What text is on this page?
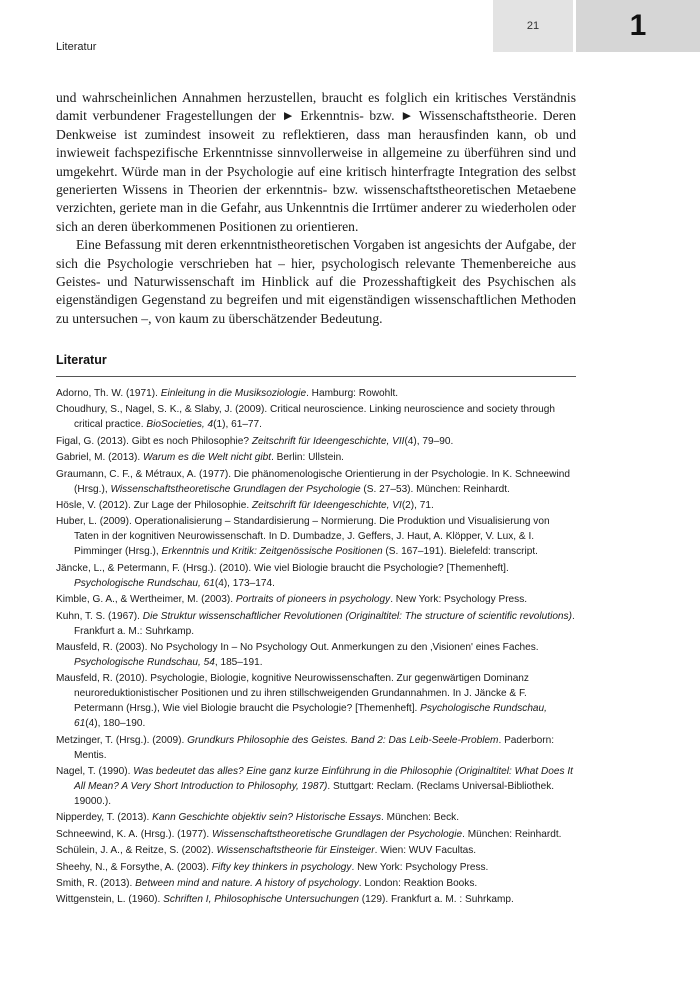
Literatur
21	1

und wahrscheinlichen Annahmen herzustellen, braucht es folglich ein kritisches Verständnis damit verbundener Fragestellungen der ► Erkenntnis- bzw. ► Wissenschaftstheorie. Deren Denkweise ist zumindest insoweit zu reflektieren, dass man herausfinden kann, ob und inwieweit fachspezifische Erkenntnisse sinnvollerweise in allgemeine zu überführen sind und umgekehrt. Würde man in der Psychologie auf eine kritisch hinterfragte Integration des selbst generierten Wissens in Theorien der erkenntnis- bzw. wissenschaftstheoretischen Metaebene verzichten, geriete man in die Gefahr, aus Unkenntnis die Irrtümer anderer zu wiederholen oder sich an deren überkommenen Positionen zu orientieren.

Eine Befassung mit deren erkenntnistheoretischen Vorgaben ist angesichts der Aufgabe, der sich die Psychologie verschrieben hat – hier, psychologisch relevante Themenbereiche aus Geistes- und Naturwissenschaft im Hinblick auf die Prozesshaftigkeit des Psychischen als eigenständigen Gegenstand zu begreifen und mit eigenständigen wissenschaftlichen Methoden zu untersuchen –, von kaum zu überschätzender Bedeutung.

Literatur
Adorno, Th. W. (1971). Einleitung in die Musiksoziologie. Hamburg: Rowohlt.
Choudhury, S., Nagel, S. K., & Slaby, J. (2009). Critical neuroscience. Linking neuroscience and society through critical practice. BioSocieties, 4(1), 61–77.
Figal, G. (2013). Gibt es noch Philosophie? Zeitschrift für Ideengeschichte, VII(4), 79–90.
Gabriel, M. (2013). Warum es die Welt nicht gibt. Berlin: Ullstein.
Graumann, C. F., & Métraux, A. (1977). Die phänomenologische Orientierung in der Psychologie. In K. Schneewind (Hrsg.), Wissenschaftstheoretische Grundlagen der Psychologie (S. 27–53). München: Reinhardt.
Hösle, V. (2012). Zur Lage der Philosophie. Zeitschrift für Ideengeschichte, VI(2), 71.
Huber, L. (2009). Operationalisierung – Standardisierung – Normierung. Die Produktion und Visualisierung von Taten in der kognitiven Neurowissenschaft. In D. Dumbadze, J. Geffers, J. Haut, A. Klöpper, V. Lux, & I. Pimminger (Hrsg.), Erkenntnis und Kritik: Zeitgenössische Positionen (S. 167–191). Bielefeld: transcript.
Jäncke, L., & Petermann, F. (Hrsg.). (2010). Wie viel Biologie braucht die Psychologie? [Themenheft]. Psychologische Rundschau, 61(4), 173–174.
Kimble, G. A., & Wertheimer, M. (2003). Portraits of pioneers in psychology. New York: Psychology Press.
Kuhn, T. S. (1967). Die Struktur wissenschaftlicher Revolutionen (Originaltitel: The structure of scientific revolutions). Frankfurt a. M.: Suhrkamp.
Mausfeld, R. (2003). No Psychology In – No Psychology Out. Anmerkungen zu den ‚Visionen' eines Faches. Psychologische Rundschau, 54, 185–191.
Mausfeld, R. (2010). Psychologie, Biologie, kognitive Neurowissenschaften. Zur gegenwärtigen Dominanz neuroreduktionistischer Positionen und zu ihren stillschweigenden Grundannahmen. In J. Jäncke & F. Petermann (Hrsg.), Wie viel Biologie braucht die Psychologie? [Themenheft]. Psychologische Rundschau, 61(4), 180–190.
Metzinger, T. (Hrsg.). (2009). Grundkurs Philosophie des Geistes. Band 2: Das Leib-Seele-Problem. Paderborn: Mentis.
Nagel, T. (1990). Was bedeutet das alles? Eine ganz kurze Einführung in die Philosophie (Originaltitel: What Does It All Mean? A Very Short Introduction to Philosophy, 1987). Stuttgart: Reclam. (Reclams Universal-Bibliothek. 19000.).
Nipperdey, T. (2013). Kann Geschichte objektiv sein? Historische Essays. München: Beck.
Schneewind, K. A. (Hrsg.). (1977). Wissenschaftstheoretische Grundlagen der Psychologie. München: Reinhardt.
Schülein, J. A., & Reitze, S. (2002). Wissenschaftstheorie für Einsteiger. Wien: WUV Facultas.
Sheehy, N., & Forsythe, A. (2003). Fifty key thinkers in psychology. New York: Psychology Press.
Smith, R. (2013). Between mind and nature. A history of psychology. London: Reaktion Books.
Wittgenstein, L. (1960). Schriften I, Philosophische Untersuchungen (129). Frankfurt a. M. : Suhrkamp.
